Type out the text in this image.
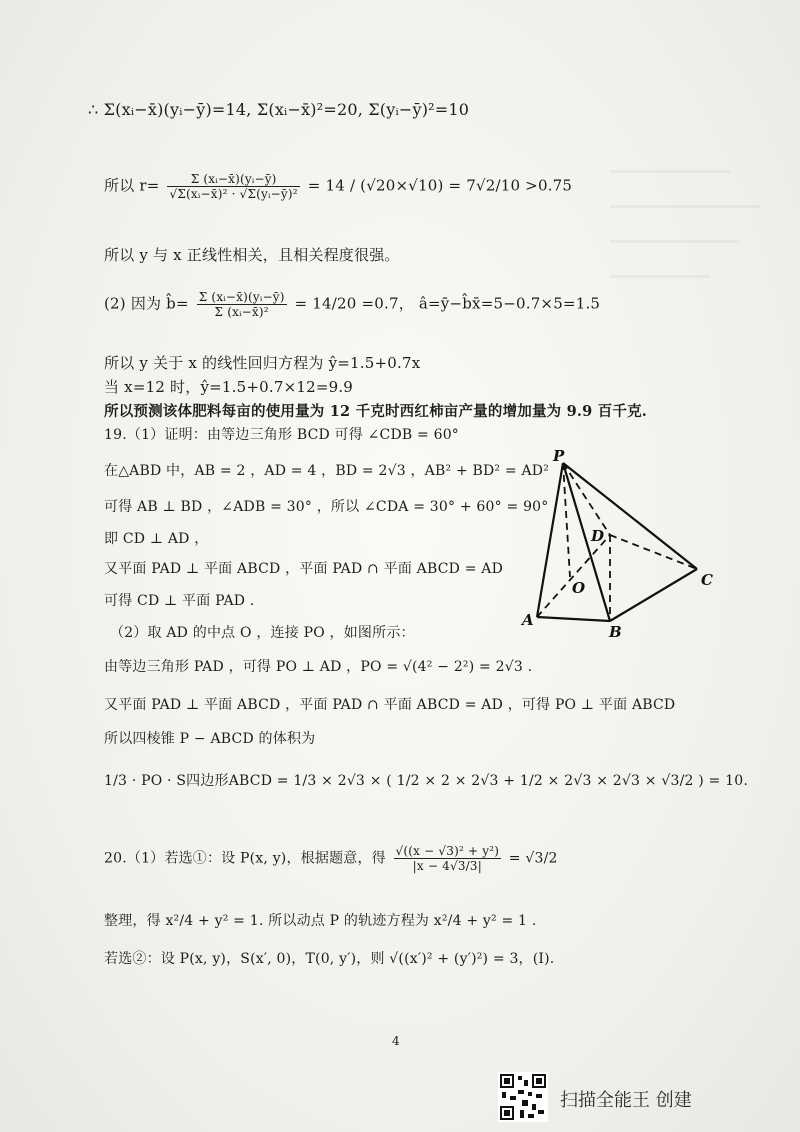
∴ Σ(xᵢ−x̄)(yᵢ−ȳ)=14, Σ(xᵢ−x̄)²=20, Σ(yᵢ−ȳ)²=10
所以 $r= \frac{\text{Σ (xᵢ−x̄)(yᵢ−ȳ)}}{\text{√Σ(xᵢ−x̄)² · √Σ(yᵢ−ȳ)²}} = 14 / (√20\times√10) = 7√2/10 >0.75$
所以 y 与 x 正线性相关，且相关程度很强。
(2) 因为 b̂= $\frac{\text{Σ (xᵢ−x̄)(yᵢ−ȳ)}}{\text{Σ (xᵢ−x̄)²}} = 14/20 =0.7$， â=ȳ−b̂x̄=5−0.7×5=1.5
所以 y 关于 x 的线性回归方程为 ŷ=1.5+0.7x
当 x=12 时，ŷ=1.5+0.7×12=9.9
所以预测该体肥料每亩的使用量为 12 千克时西红柿亩产量的增加量为 9.9 百千克.
19.（1）证明：由等边三角形 BCD 可得 ∠CDB = 60°
在△ABD 中，AB = 2 ，AD = 4 ，BD = 2√3 ，AB² + BD² = AD²
可得 AB ⊥ BD ，∠ADB = 30° ，所以 ∠CDA = 30° + 60° = 90°
即 CD ⊥ AD ，
又平面 PAD ⊥ 平面 ABCD ，平面 PAD ∩ 平面 ABCD = AD
可得 CD ⊥ 平面 PAD .
（2）取 AD 的中点 O ，连接 PO ，如图所示：
由等边三角形 PAD ，可得 PO ⊥ AD ，PO = √(4² − 2²) = 2√3 .
又平面 PAD ⊥ 平面 ABCD ，平面 PAD ∩ 平面 ABCD = AD ，可得 PO ⊥ 平面 ABCD
所以四棱锥 P − ABCD 的体积为
1/3 · PO · S四边形ABCD = 1/3 × 2√3 × ( 1/2 × 2 × 2√3 + 1/2 × 2√3 × 2√3 × √3/2 ) = 10.
20.（1）若选①：设 P(x, y)，根据题意，得 $\frac{\text{√((x − √3)² + y²)}}{|x - 4√3/3|} = √3/2$
整理，得 x²/4 + y² = 1. 所以动点 P 的轨迹方程为 x²/4 + y² = 1 .
若选②：设 P(x, y)，S(x′, 0)，T(0, y′)，则 √((x′)² + (y′)²) = 3，(I).
P
D
O	C
A
B
4
扫描全能王 创建
